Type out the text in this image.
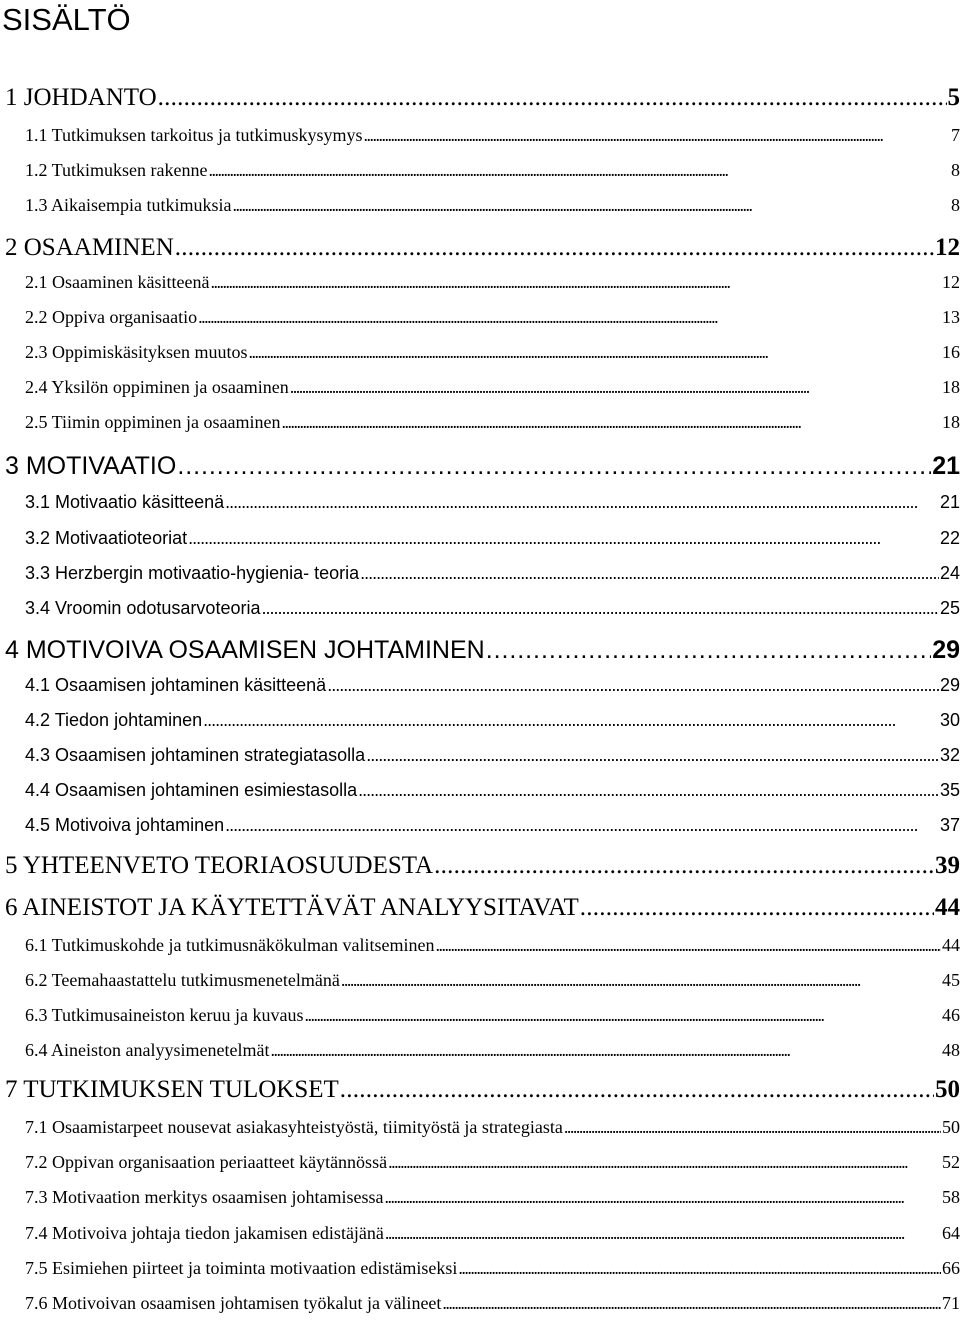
SISÄLTÖ
1 JOHDANTO . . .	5
1.1 Tutkimuksen tarkoitus ja tutkimuskysymys . . .	7
1.2 Tutkimuksen rakenne . . .	8
1.3 Aikaisempia tutkimuksia . . .	8
2 OSAAMINEN . . .	12
2.1 Osaaminen käsitteenä . . .	12
2.2 Oppiva organisaatio . . .	13
2.3 Oppimiskäsityksen muutos . . .	16
2.4 Yksilön oppiminen ja osaaminen . . .	18
2.5 Tiimin oppiminen ja osaaminen . . .	18
3 MOTIVAATIO . . .	21
3.1 Motivaatio käsitteenä . . .	21
3.2 Motivaatioteoriat . . .	22
3.3 Herzbergin motivaatio-hygienia- teoria . . .	24
3.4 Vroomin odotusarvoteoria . . .	25
4 MOTIVOIVA OSAAMISEN JOHTAMINEN . . .	29
4.1 Osaamisen johtaminen käsitteenä . . .	29
4.2 Tiedon johtaminen . . .	30
4.3 Osaamisen johtaminen strategiatasolla . . .	32
4.4 Osaamisen johtaminen esimiestasolla . . .	35
4.5 Motivoiva johtaminen . . .	37
5 YHTEENVETO TEORIAOSUUDESTA . . .	39
6 AINEISTOT JA KÄYTETTÄVÄT ANALYYSITAVAT . . .	44
6.1 Tutkimuskohde ja tutkimusnäkökulman valitseminen . . .	44
6.2 Teemahaastattelu tutkimusmenetelmänä . . .	45
6.3 Tutkimusaineiston keruu ja kuvaus . . .	46
6.4 Aineiston analyysimenetelmät . . .	48
7 TUTKIMUKSEN TULOKSET . . .	50
7.1 Osaamistarpeet nousevat asiakasyhteistyöstä, tiimityöstä ja strategiasta . . .	50
7.2 Oppivan organisaation periaatteet käytännössä . . .	52
7.3 Motivaation merkitys osaamisen johtamisessa . . .	58
7.4 Motivoiva johtaja tiedon jakamisen edistäjänä . . .	64
7.5 Esimiehen piirteet ja toiminta motivaation edistämiseksi . . .	66
7.6 Motivoivan osaamisen johtamisen työkalut ja välineet . . .	71
